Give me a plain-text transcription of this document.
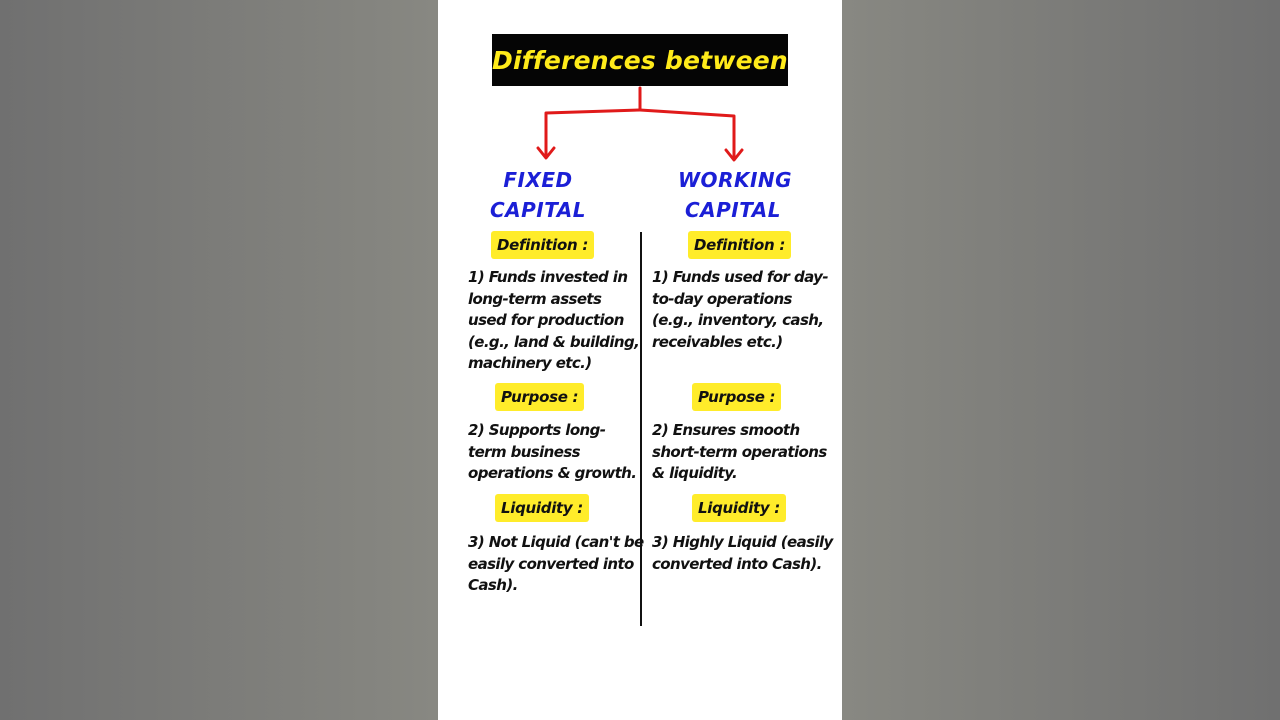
Differences between
FIXED
CAPITAL
WORKING
CAPITAL
Definition :
1) Funds invested in
long-term assets
used for production
(e.g., land & building,
machinery etc.)
Purpose :
2) Supports long-
term business
operations & growth.
Liquidity :
3) Not Liquid (can't be
easily converted into
Cash).
Definition :
1) Funds used for day-
to-day operations
(e.g., inventory, cash,
receivables etc.)
Purpose :
2) Ensures smooth
short-term operations
& liquidity.
Liquidity :
3) Highly Liquid (easily
converted into Cash).
